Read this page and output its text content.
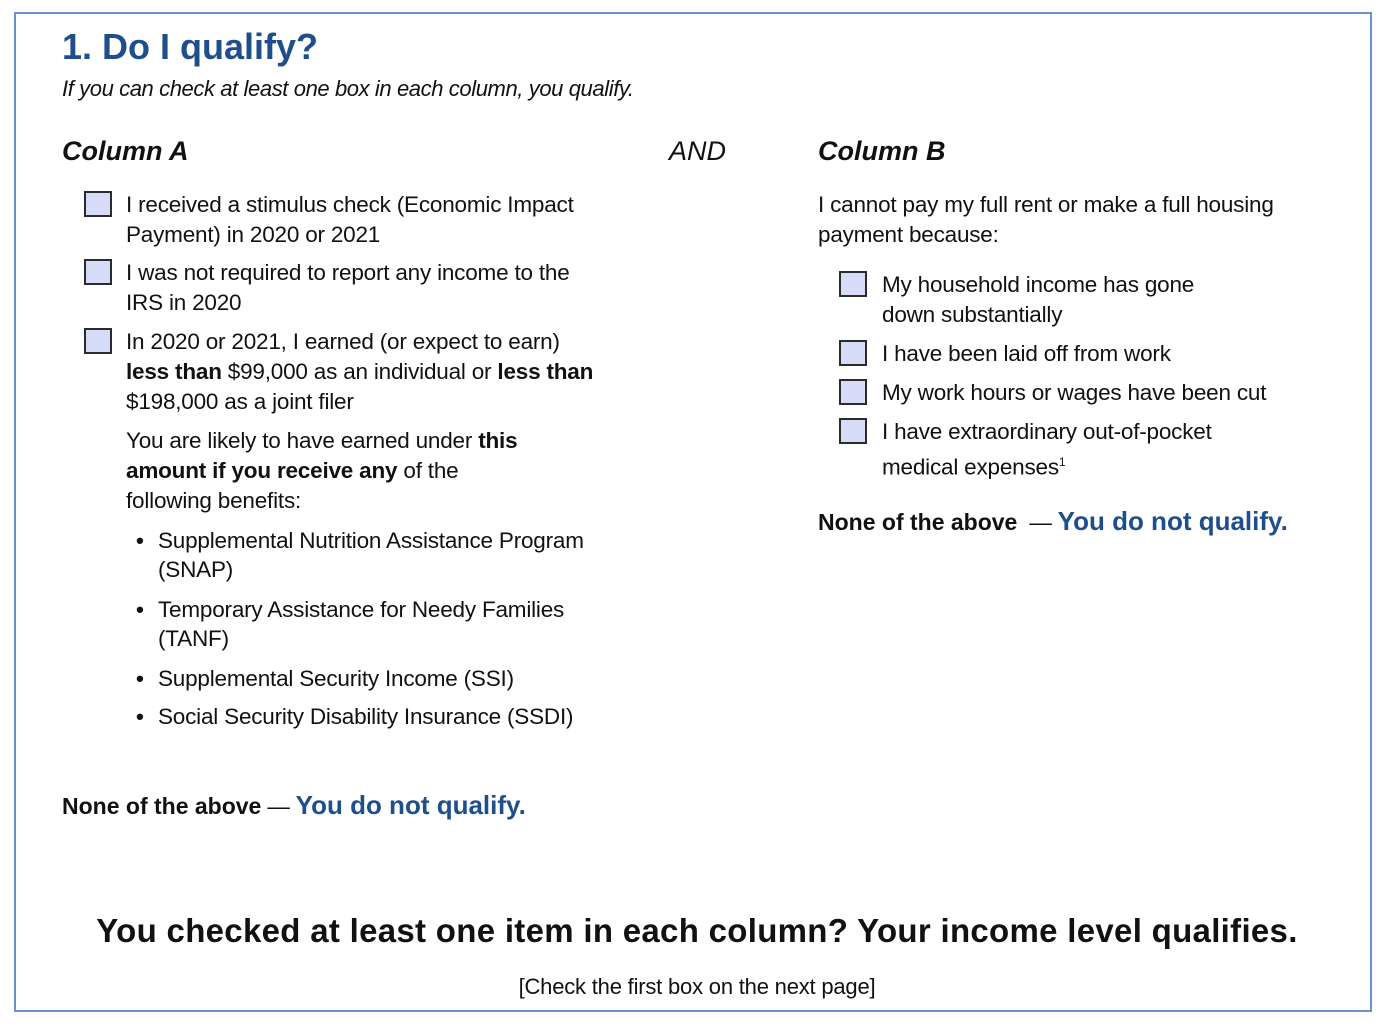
1. Do I qualify?
If you can check at least one box in each column, you qualify.
Column A	AND
I received a stimulus check (Economic Impact
Payment) in 2020 or 2021
I was not required to report any income to the
IRS in 2020
In 2020 or 2021, I earned (or expect to earn)
less than $99,000 as an individual or less than
$198,000 as a joint filer
You are likely to have earned under this
amount if you receive any of the
following benefits:
• Supplemental Nutrition Assistance Program
(SNAP)
• Temporary Assistance for Needy Families
(TANF)
• Supplemental Security Income (SSI)
• Social Security Disability Insurance (SSDI)
None of the above — You do not qualify.
Column B
I cannot pay my full rent or make a full housing
payment because:
My household income has gone
down substantially
I have been laid off from work
My work hours or wages have been cut
I have extraordinary out-of-pocket
medical expenses$^1$
None of the above — You do not qualify.
You checked at least one item in each column? Your income level qualifies.
[Check the first box on the next page]
